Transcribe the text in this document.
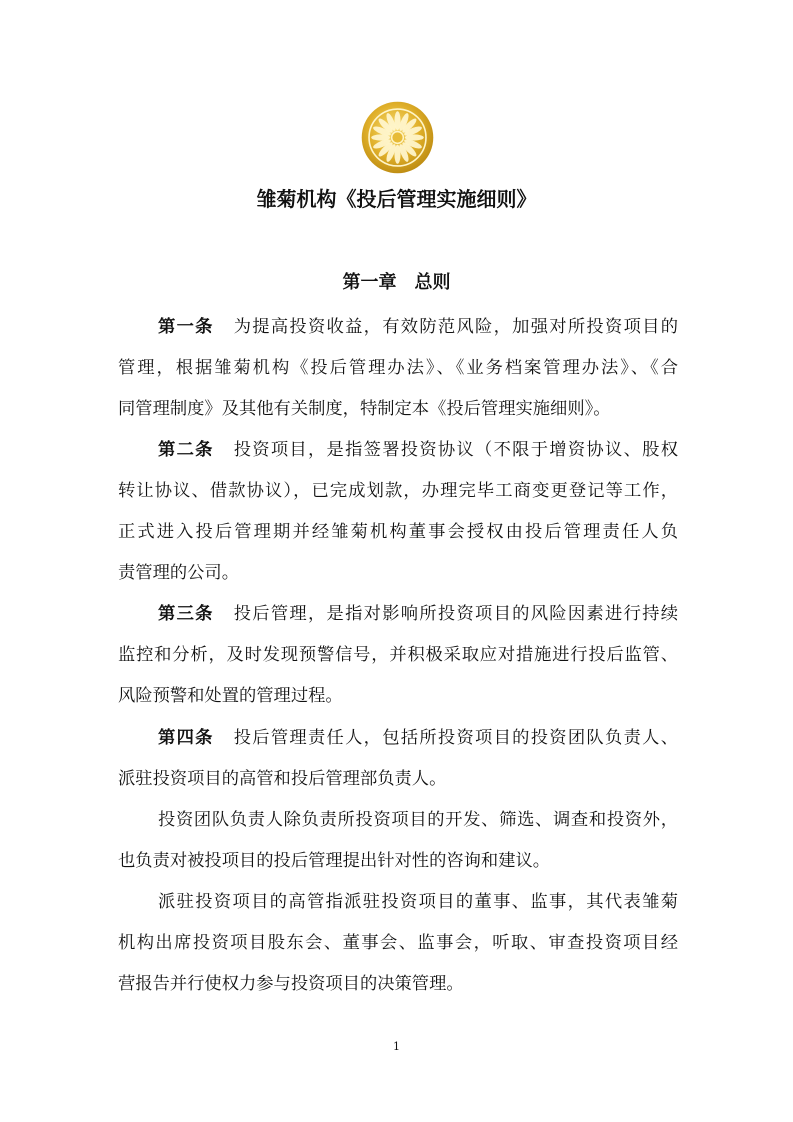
雏菊机构《投后管理实施细则》
第一章　总则
第一条 为提高投资收益，有效防范风险，加强对所投资项目的
管理，根据雏菊机构《投后管理办法》、《业务档案管理办法》、《合
同管理制度》及其他有关制度，特制定本《投后管理实施细则》。
第二条 投资项目，是指签署投资协议（不限于增资协议、股权
转让协议、借款协议），已完成划款，办理完毕工商变更登记等工作，
正式进入投后管理期并经雏菊机构董事会授权由投后管理责任人负
责管理的公司。
第三条 投后管理，是指对影响所投资项目的风险因素进行持续
监控和分析，及时发现预警信号，并积极采取应对措施进行投后监管、
风险预警和处置的管理过程。
第四条 投后管理责任人，包括所投资项目的投资团队负责人、
派驻投资项目的高管和投后管理部负责人。
投资团队负责人除负责所投资项目的开发、筛选、调查和投资外，
也负责对被投项目的投后管理提出针对性的咨询和建议。
派驻投资项目的高管指派驻投资项目的董事、监事，其代表雏菊
机构出席投资项目股东会、董事会、监事会，听取、审查投资项目经
营报告并行使权力参与投资项目的决策管理。
1
